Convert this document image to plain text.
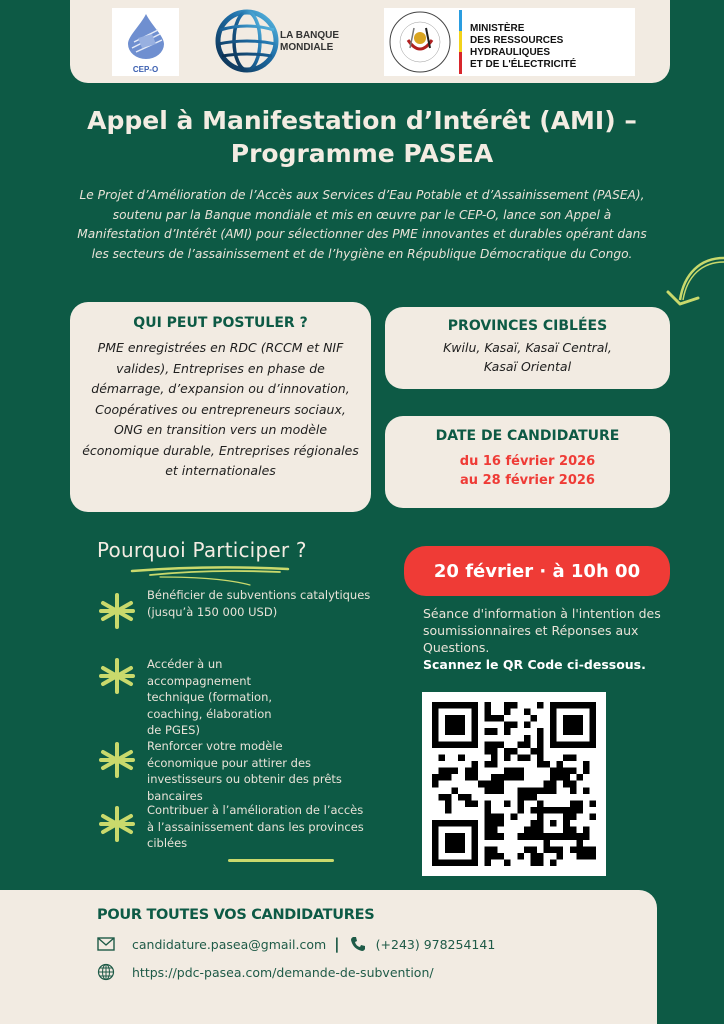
CEP-O
LA BANQUE
MONDIALE
MINISTÈRE
DES RESSOURCES HYDRAULIQUES
ET DE L'ÉLECTRICITÉ
Appel à Manifestation d’Intérêt (AMI) –
Programme PASEA

Le Projet d’Amélioration de l’Accès aux Services d’Eau Potable et d’Assainissement (PASEA), soutenu par la Banque mondiale et mis en œuvre par le CEP-O, lance son Appel à Manifestation d’Intérêt (AMI) pour sélectionner des PME innovantes et durables opérant dans les secteurs de l’assainissement et de l’hygiène en République Démocratique du Congo.

QUI PEUT POSTULER ?

PME enregistrées en RDC (RCCM et NIF valides), Entreprises en phase de démarrage, d’expansion ou d’innovation, Coopératives ou entrepreneurs sociaux, ONG en transition vers un modèle économique durable, Entreprises régionales et internationales

PROVINCES CIBLÉES

Kwilu, Kasaï, Kasaï Central, Kasaï Oriental

DATE DE CANDIDATURE
du 16 février 2026
au 28 février 2026
Pourquoi Participer ?
Bénéficier de subventions catalytiques (jusqu’à 150 000 USD)
Accéder à un accompagnement technique (formation, coaching, élaboration de PGES)
Renforcer votre modèle économique pour attirer des investisseurs ou obtenir des prêts bancaires
Contribuer à l’amélioration de l’accès à l’assainissement dans les provinces ciblées
20 février · à 10h 00
Séance d'information à l'intention des soumissionnaires et Réponses aux Questions.
Scannez le QR Code ci-dessous.
POUR TOUTES VOS CANDIDATURES
candidature.pasea@gmail.com |	(+243) 978254141
https://pdc-pasea.com/demande-de-subvention/
